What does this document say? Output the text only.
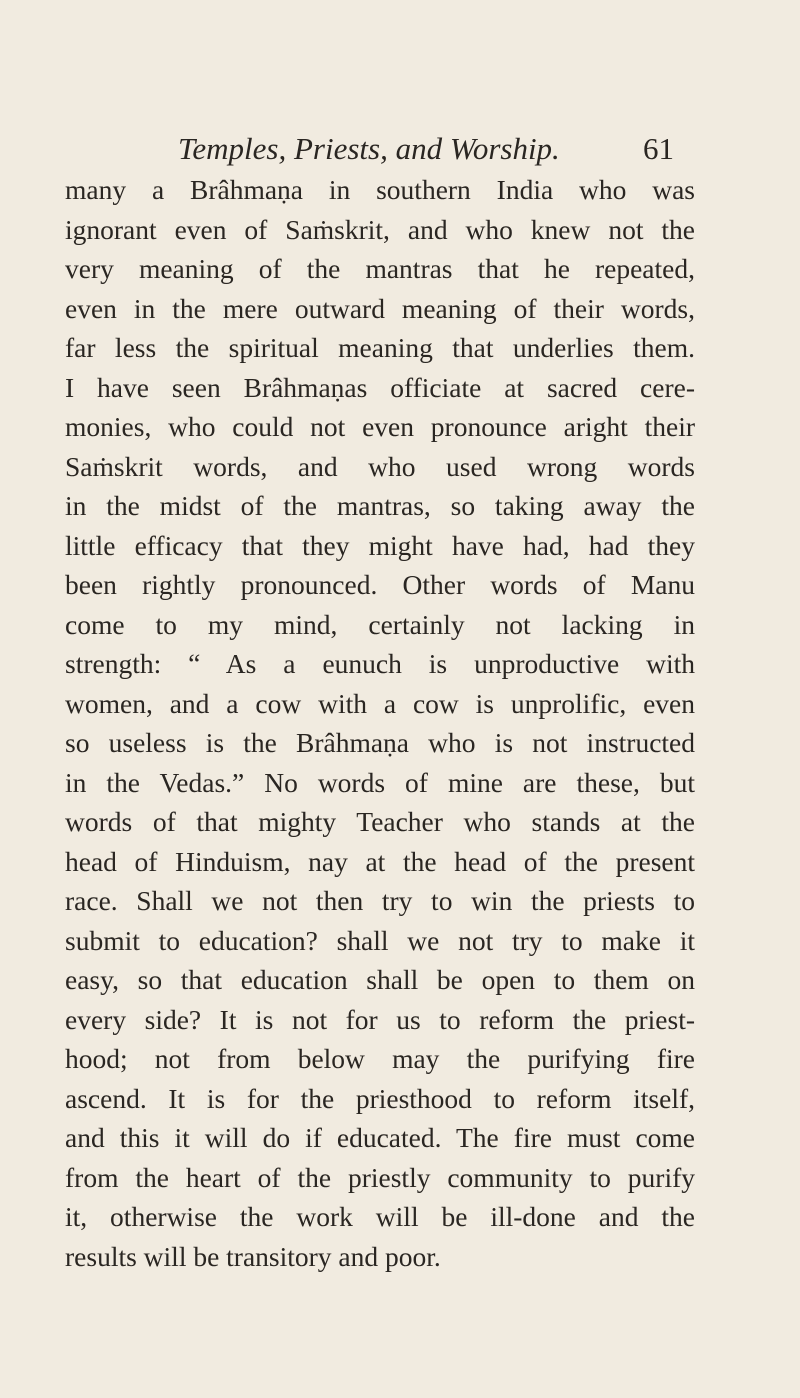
Temples, Priests, and Worship.	61
many a Brâhmaṇa in southern India who was
ignorant even of Saṁskrit, and who knew not the
very meaning of the mantras that he repeated,
even in the mere outward meaning of their words,
far less the spiritual meaning that underlies them.
I have seen Brâhmaṇas officiate at sacred cere-
monies, who could not even pronounce aright their
Saṁskrit words, and who used wrong words
in the midst of the mantras, so taking away the
little efficacy that they might have had, had they
been rightly pronounced. Other words of Manu
come to my mind, certainly not lacking in
strength: “ As a eunuch is unproductive with
women, and a cow with a cow is unprolific, even
so useless is the Brâhmaṇa who is not instructed
in the Vedas.” No words of mine are these, but
words of that mighty Teacher who stands at the
head of Hinduism, nay at the head of the present
race. Shall we not then try to win the priests to
submit to education? shall we not try to make it
easy, so that education shall be open to them on
every side? It is not for us to reform the priest-
hood; not from below may the purifying fire
ascend. It is for the priesthood to reform itself,
and this it will do if educated. The fire must come
from the heart of the priestly community to purify
it, otherwise the work will be ill-done and the
results will be transitory and poor.
